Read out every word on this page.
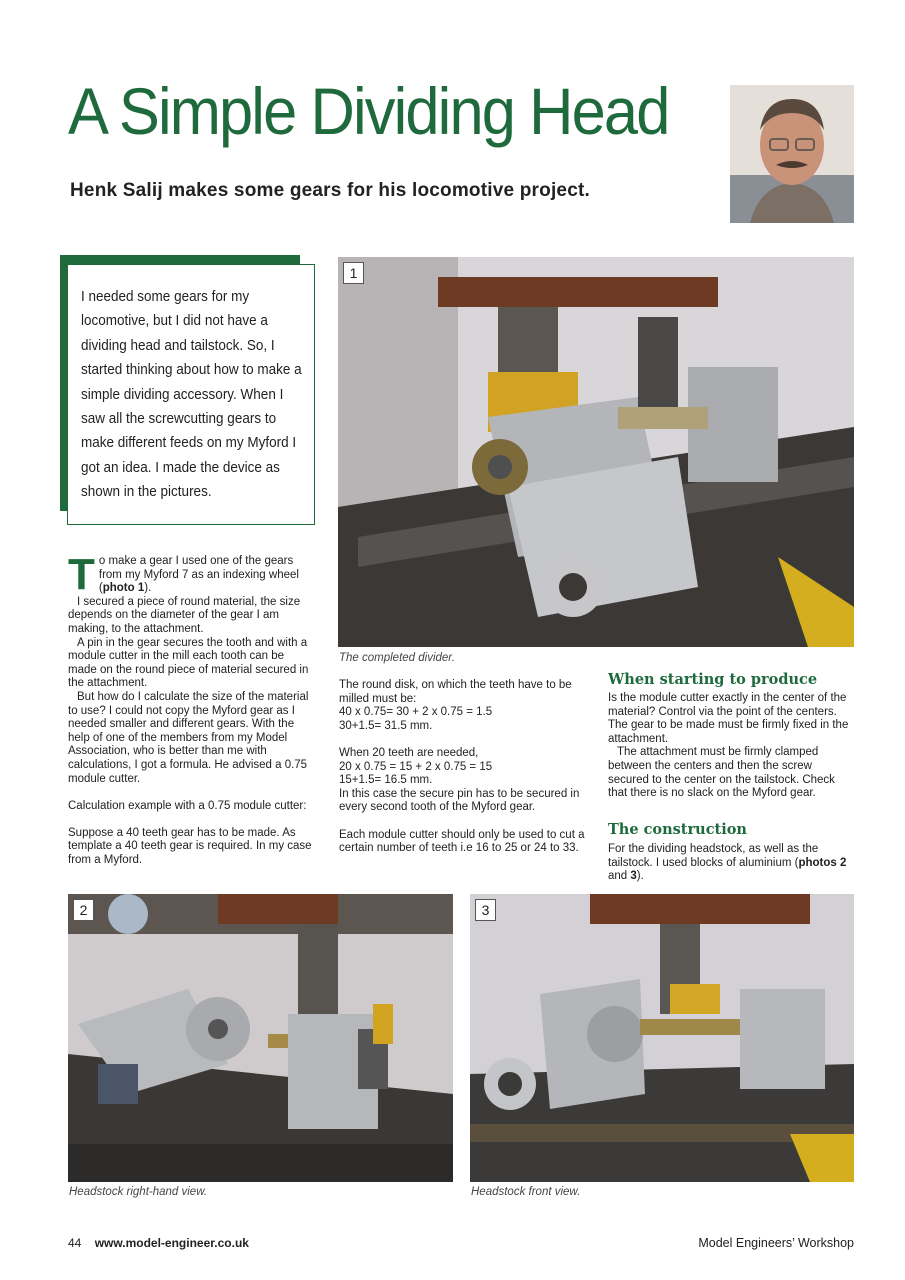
A Simple Dividing Head
Henk Salij makes some gears for his locomotive project.
I needed some gears for my locomotive, but I did not have a dividing head and tailstock. So, I started thinking about how to make a simple dividing accessory. When I saw all the screwcutting gears to make different feeds on my Myford I got an idea. I made the device as shown in the pictures.
1
The completed divider.

To make a gear I used one of the gears from my Myford 7 as an indexing wheel (photo 1).

I secured a piece of round material, the size depends on the diameter of the gear I am making, to the attachment.

A pin in the gear secures the tooth and with a module cutter in the mill each tooth can be made on the round piece of material secured in the attachment.

But how do I calculate the size of the material to use? I could not copy the Myford gear as I needed smaller and different gears. With the help of one of the members from my Model Association, who is better than me with calculations, I got a formula. He advised a 0.75 module cutter.

Calculation example with a 0.75 module cutter:

Suppose a 40 teeth gear has to be made. As template a 40 teeth gear is required. In my case from a Myford.

The round disk, on which the teeth have to be milled must be:

40 x 0.75= 30 + 2 x 0.75 = 1.5

30+1.5= 31.5 mm.

When 20 teeth are needed,

20 x 0.75 = 15 + 2 x 0.75 = 15

15+1.5= 16.5 mm.

In this case the secure pin has to be secured in every second tooth of the Myford gear.

Each module cutter should only be used to cut a certain number of teeth i.e 16 to 25 or 24 to 33.

When starting to produce

Is the module cutter exactly in the center of the material? Control via the point of the centers. The gear to be made must be firmly fixed in the attachment.

The attachment must be firmly clamped between the centers and then the screw secured to the center on the tailstock. Check that there is no slack on the Myford gear.

The construction

For the dividing headstock, as well as the tailstock. I used blocks of aluminium (photos 2 and 3).

2
Headstock right-hand view.
3
Headstock front view.
44 www.model-engineer.co.uk	Model Engineers’ Workshop
